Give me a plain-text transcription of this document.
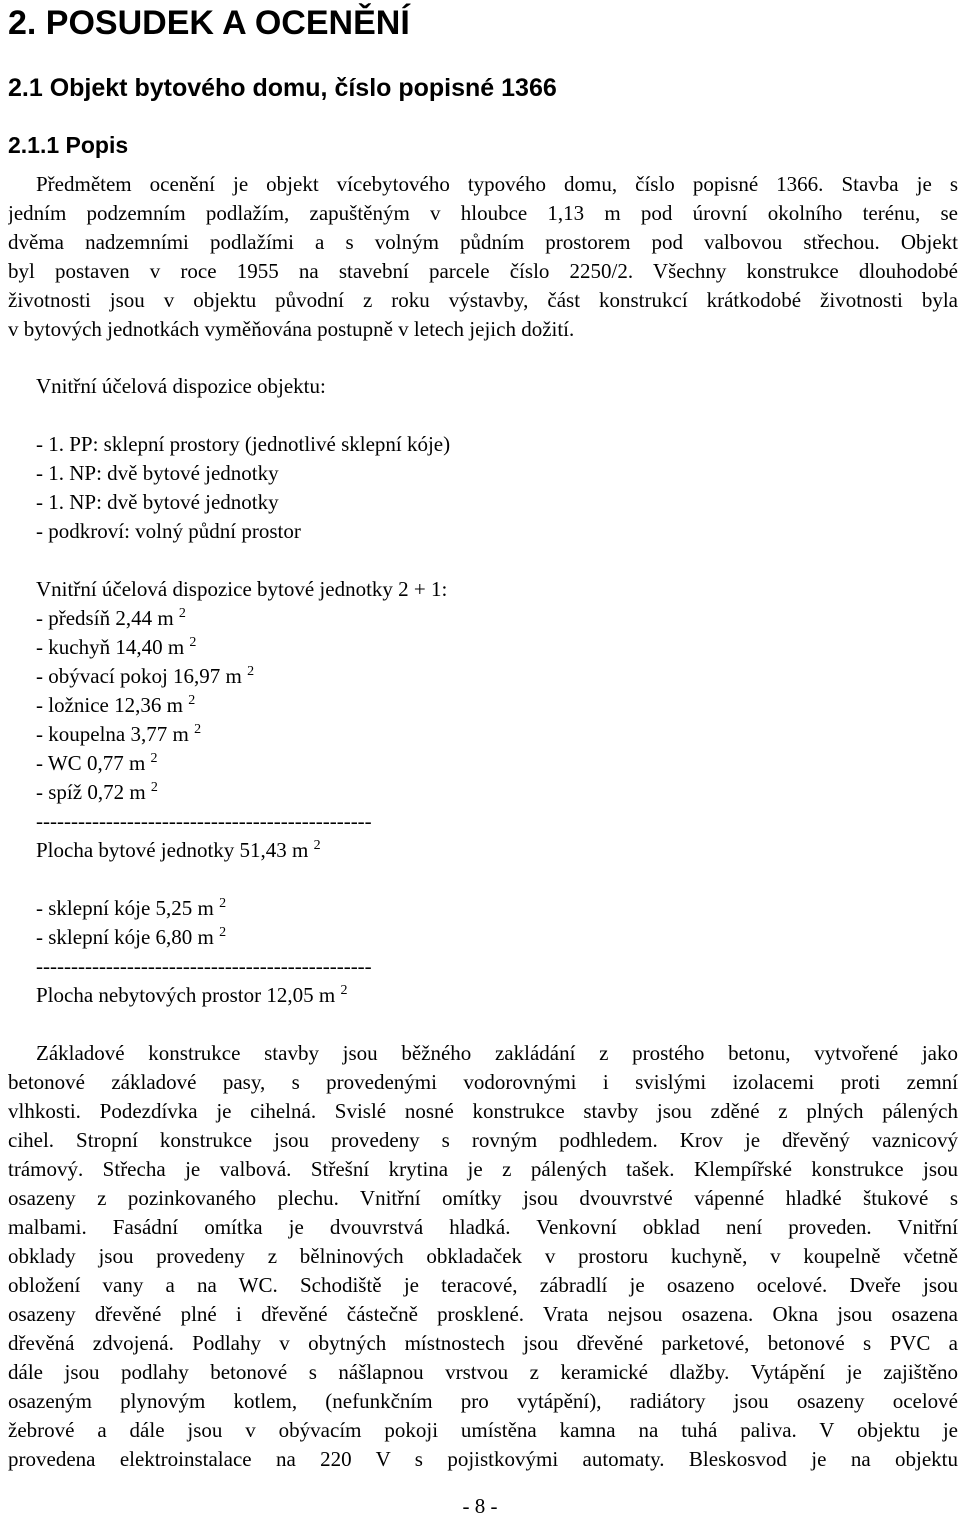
2. POSUDEK A OCENĚNÍ
2.1 Objekt bytového domu, číslo popisné 1366
2.1.1 Popis
Předmětem ocenění je objekt vícebytového typového domu, číslo popisné 1366. Stavba je s
jedním podzemním podlažím, zapuštěným v hloubce 1,13 m pod úrovní okolního terénu, se
dvěma nadzemními podlažími a s volným půdním prostorem pod valbovou střechou. Objekt
byl postaven v roce 1955 na stavební parcele číslo 2250/2. Všechny konstrukce dlouhodobé
životnosti jsou v objektu původní z roku výstavby, část konstrukcí krátkodobé životnosti byla
v bytových jednotkách vyměňována postupně v letech jejich dožití.
Vnitřní účelová dispozice objektu:
- 1. PP: sklepní prostory (jednotlivé sklepní kóje)
- 1. NP: dvě bytové jednotky
- 1. NP: dvě bytové jednotky
- podkroví: volný půdní prostor
Vnitřní účelová dispozice bytové jednotky 2 + 1:
- předsíň 2,44 m $^2$
- kuchyň 14,40 m $^2$
- obývací pokoj 16,97 m $^2$
- ložnice 12,36 m $^2$
- koupelna 3,77 m $^2$
- WC 0,77 m $^2$
- spíž 0,72 m $^2$
------------------------------------------------
Plocha bytové jednotky 51,43 m $^2$
- sklepní kóje 5,25 m $^2$
- sklepní kóje 6,80 m $^2$
------------------------------------------------
Plocha nebytových prostor 12,05 m $^2$
Základové konstrukce stavby jsou běžného zakládání z prostého betonu, vytvořené jako
betonové základové pasy, s provedenými vodorovnými i svislými izolacemi proti zemní
vlhkosti. Podezdívka je cihelná. Svislé nosné konstrukce stavby jsou zděné z plných pálených
cihel. Stropní konstrukce jsou provedeny s rovným podhledem. Krov je dřevěný vaznicový
trámový. Střecha je valbová. Střešní krytina je z pálených tašek. Klempířské konstrukce jsou
osazeny z pozinkovaného plechu. Vnitřní omítky jsou dvouvrstvé vápenné hladké štukové s
malbami. Fasádní omítka je dvouvrstvá hladká. Venkovní obklad není proveden. Vnitřní
obklady jsou provedeny z bělninových obkladaček v prostoru kuchyně, v koupelně včetně
obložení vany a na WC. Schodiště je teracové, zábradlí je osazeno ocelové. Dveře jsou
osazeny dřevěné plné i dřevěné částečně prosklené. Vrata nejsou osazena. Okna jsou osazena
dřevěná zdvojená. Podlahy v obytných místnostech jsou dřevěné parketové, betonové s PVC a
dále jsou podlahy betonové s nášlapnou vrstvou z keramické dlažby. Vytápění je zajištěno
osazeným plynovým kotlem, (nefunkčním pro vytápění), radiátory jsou osazeny ocelové
žebrové a dále jsou v obývacím pokoji umístěna kamna na tuhá paliva. V objektu je
provedena elektroinstalace na 220 V s pojistkovými automaty. Bleskosvod je na objektu
- 8 -
